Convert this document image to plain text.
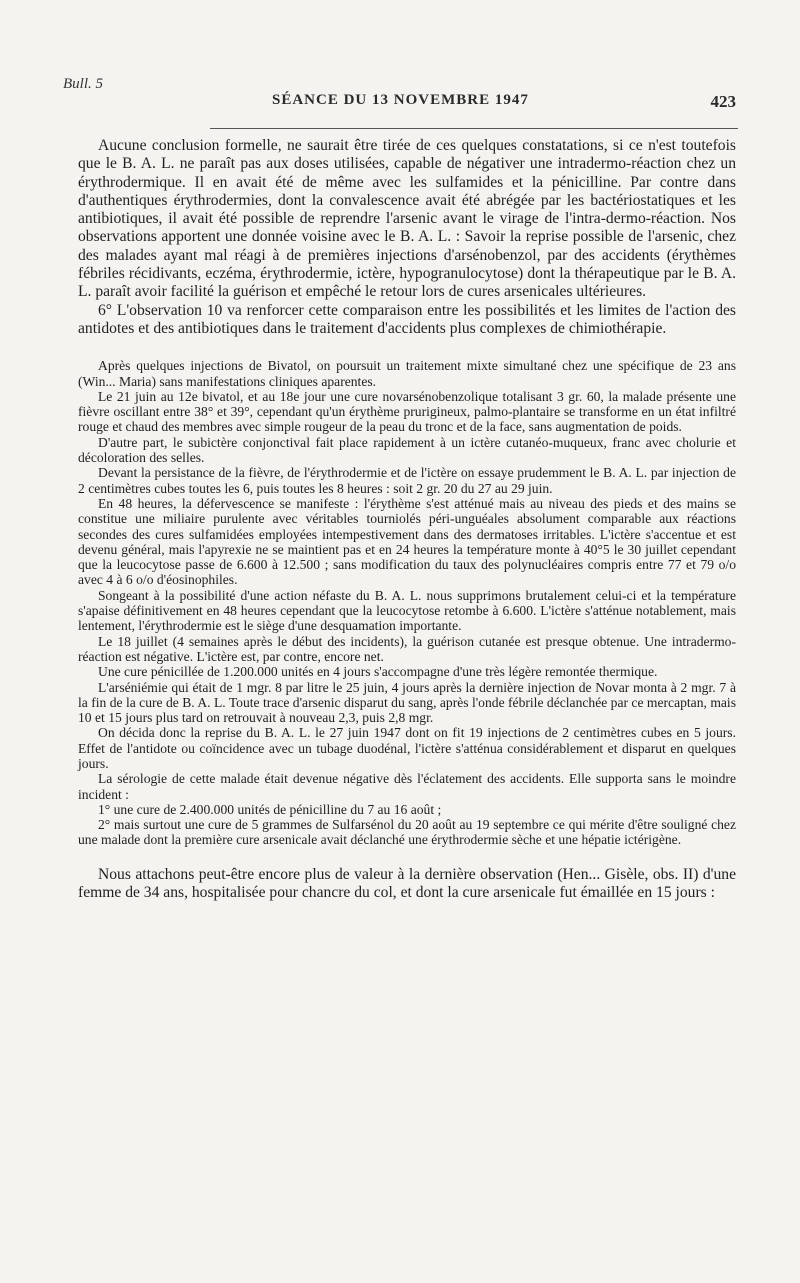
Bull. 5
SÉANCE DU 13 NOVEMBRE 1947	423

Aucune conclusion formelle, ne saurait être tirée de ces quelques constatations, si ce n'est toutefois que le B. A. L. ne paraît pas aux doses utilisées, capable de négativer une intradermo-réaction chez un érythrodermique. Il en avait été de même avec les sulfamides et la pénicilline. Par contre dans d'authentiques érythrodermies, dont la convalescence avait été abrégée par les bactériostatiques et les antibiotiques, il avait été possible de reprendre l'arsenic avant le virage de l'intra-dermo-réaction. Nos observations apportent une donnée voisine avec le B. A. L. : Savoir la reprise possible de l'arsenic, chez des malades ayant mal réagi à de premières injections d'arsénobenzol, par des accidents (érythèmes fébriles récidivants, eczéma, érythrodermie, ictère, hypogranulocytose) dont la thérapeutique par le B. A. L. paraît avoir facilité la guérison et empêché le retour lors de cures arsenicales ultérieures.

6° L'observation 10 va renforcer cette comparaison entre les possibilités et les limites de l'action des antidotes et des antibiotiques dans le traitement d'accidents plus complexes de chimiothérapie.

Après quelques injections de Bivatol, on poursuit un traitement mixte simultané chez une spécifique de 23 ans (Win... Maria) sans manifestations cliniques aparentes.

Le 21 juin au 12e bivatol, et au 18e jour une cure novarsénobenzolique totalisant 3 gr. 60, la malade présente une fièvre oscillant entre 38° et 39°, cependant qu'un érythème prurigineux, palmo-plantaire se transforme en un état infiltré rouge et chaud des membres avec simple rougeur de la peau du tronc et de la face, sans augmentation de poids.

D'autre part, le subictère conjonctival fait place rapidement à un ictère cutanéo-muqueux, franc avec cholurie et décoloration des selles.

Devant la persistance de la fièvre, de l'érythrodermie et de l'ictère on essaye prudemment le B. A. L. par injection de 2 centimètres cubes toutes les 6, puis toutes les 8 heures : soit 2 gr. 20 du 27 au 29 juin.

En 48 heures, la défervescence se manifeste : l'érythème s'est atténué mais au niveau des pieds et des mains se constitue une miliaire purulente avec véritables tourniolés péri-unguéales absolument comparable aux réactions secondes des cures sulfamidées employées intempestivement dans des dermatoses irritables. L'ictère s'accentue et est devenu général, mais l'apyrexie ne se maintient pas et en 24 heures la température monte à 40°5 le 30 juillet cependant que la leucocytose passe de 6.600 à 12.500 ; sans modification du taux des polynucléaires compris entre 77 et 79 o/o avec 4 à 6 o/o d'éosinophiles.

Songeant à la possibilité d'une action néfaste du B. A. L. nous supprimons brutalement celui-ci et la température s'apaise définitivement en 48 heures cependant que la leucocytose retombe à 6.600. L'ictère s'atténue notablement, mais lentement, l'érythrodermie est le siège d'une desquamation importante.

Le 18 juillet (4 semaines après le début des incidents), la guérison cutanée est presque obtenue. Une intradermo-réaction est négative. L'ictère est, par contre, encore net.

Une cure pénicillée de 1.200.000 unités en 4 jours s'accompagne d'une très légère remontée thermique.

L'arséniémie qui était de 1 mgr. 8 par litre le 25 juin, 4 jours après la dernière injection de Novar monta à 2 mgr. 7 à la fin de la cure de B. A. L. Toute trace d'arsenic disparut du sang, après l'onde fébrile déclanchée par ce mercaptan, mais 10 et 15 jours plus tard on retrouvait à nouveau 2,3, puis 2,8 mgr.

On décida donc la reprise du B. A. L. le 27 juin 1947 dont on fit 19 injections de 2 centimètres cubes en 5 jours. Effet de l'antidote ou coïncidence avec un tubage duodénal, l'ictère s'atténua considérablement et disparut en quelques jours.

La sérologie de cette malade était devenue négative dès l'éclatement des accidents. Elle supporta sans le moindre incident :

1° une cure de 2.400.000 unités de pénicilline du 7 au 16 août ;

2° mais surtout une cure de 5 grammes de Sulfarsénol du 20 août au 19 septembre ce qui mérite d'être souligné chez une malade dont la première cure arsenicale avait déclanché une érythrodermie sèche et une hépatie ictérigène.

Nous attachons peut-être encore plus de valeur à la dernière observation (Hen... Gisèle, obs. II) d'une femme de 34 ans, hospitalisée pour chancre du col, et dont la cure arsenicale fut émaillée en 15 jours :
